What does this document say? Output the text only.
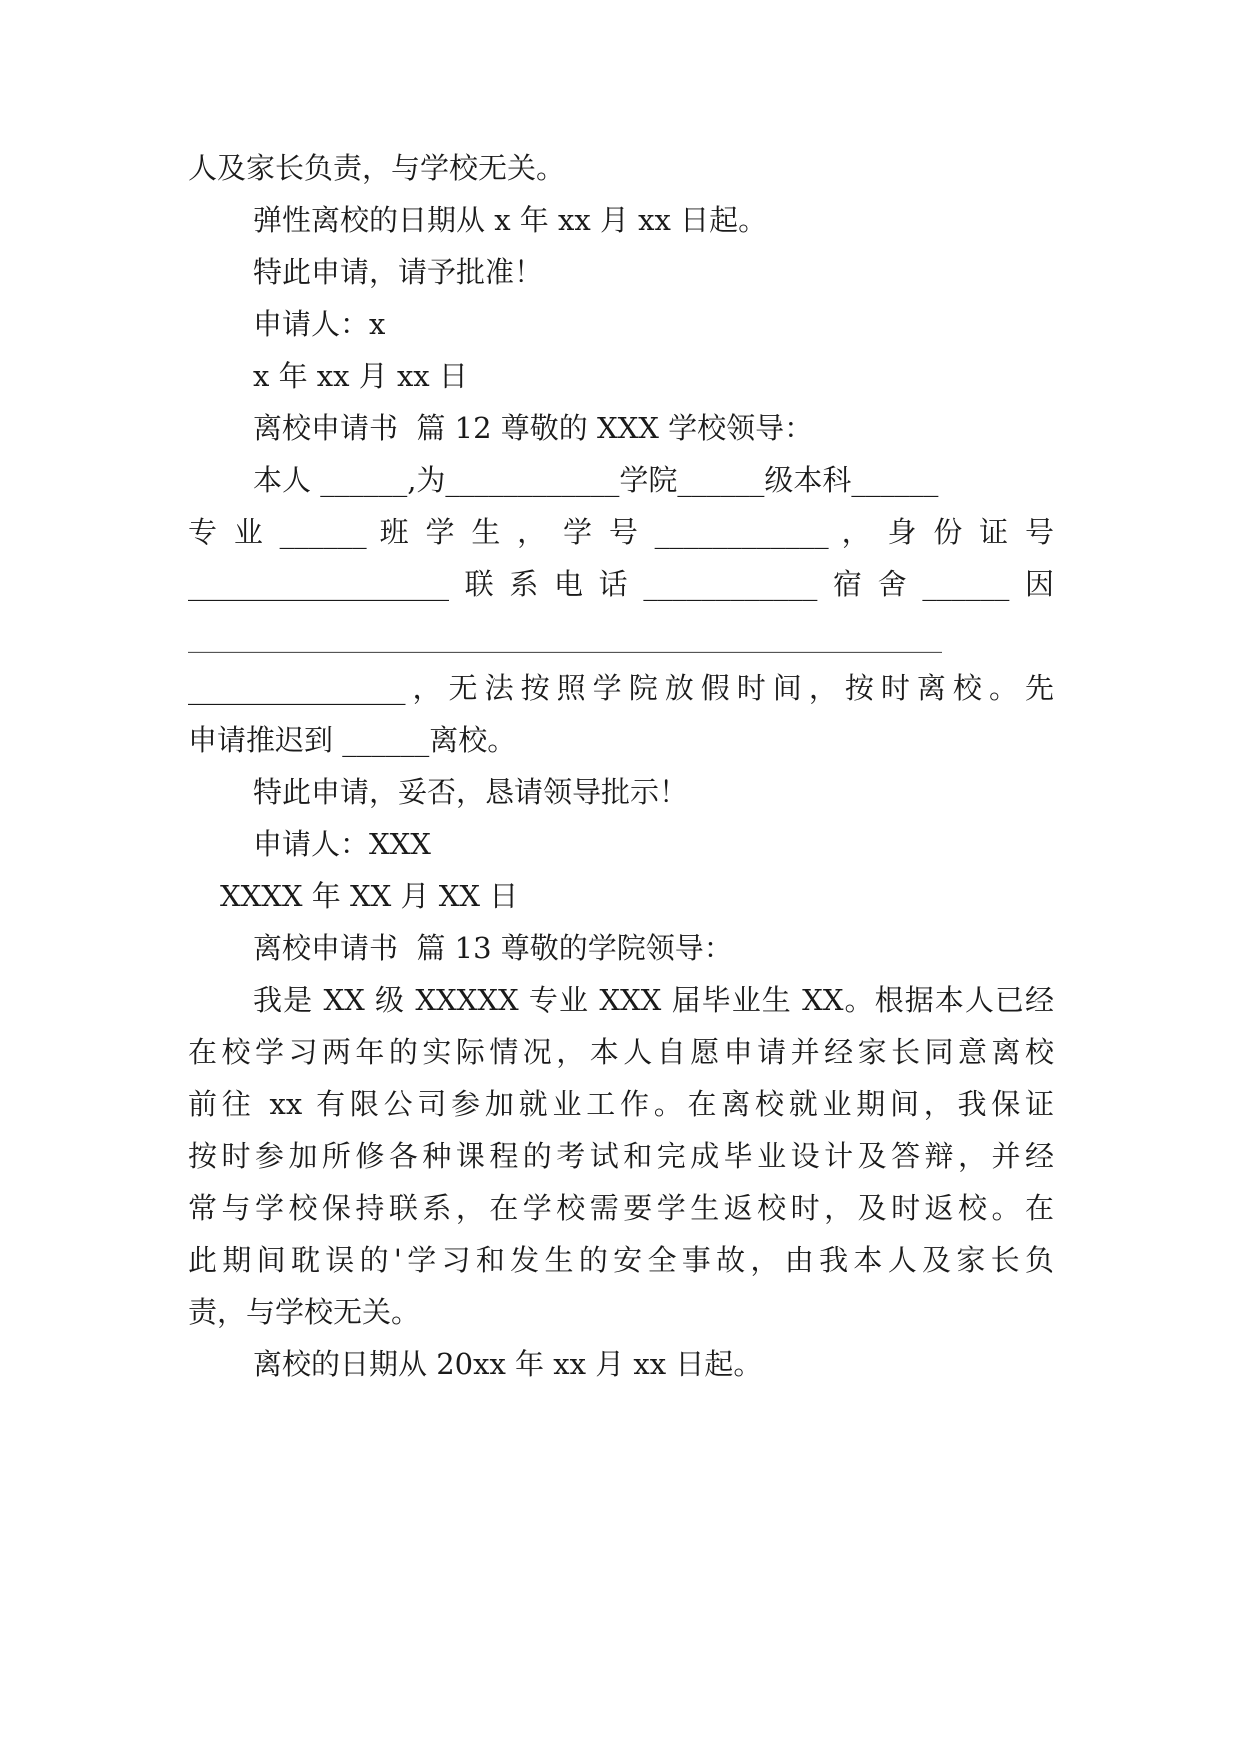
人及家长负责，与学校无关。
弹性离校的日期从 x 年 xx 月 xx 日起。
特此申请，请予批准！
申请人：x
x 年 xx 月 xx 日
离校申请书  篇 12 尊敬的 XXX 学校领导：
本人 ______,为____________学院______级本科______
专 业 ______ 班 学 生 ， 学 号 ____________ ， 身 份 证 号
__________________联系电话____________宿舍______因
____________________________________________________
_______________，无法按照学院放假时间，按时离校。先
申请推迟到 ______离校。
特此申请，妥否，恳请领导批示！
申请人：XXX
XXXX 年 XX 月 XX 日
离校申请书  篇 13 尊敬的学院领导：
我是 XX 级 XXXXX 专业 XXX 届毕业生 XX。根据本人已经
在校学习两年的实际情况，本人自愿申请并经家长同意离校
前往 xx 有限公司参加就业工作。在离校就业期间，我保证
按时参加所修各种课程的考试和完成毕业设计及答辩，并经
常与学校保持联系，在学校需要学生返校时，及时返校。在
此期间耽误的'学习和发生的安全事故，由我本人及家长负
责，与学校无关。
离校的日期从 20xx 年 xx 月 xx 日起。
